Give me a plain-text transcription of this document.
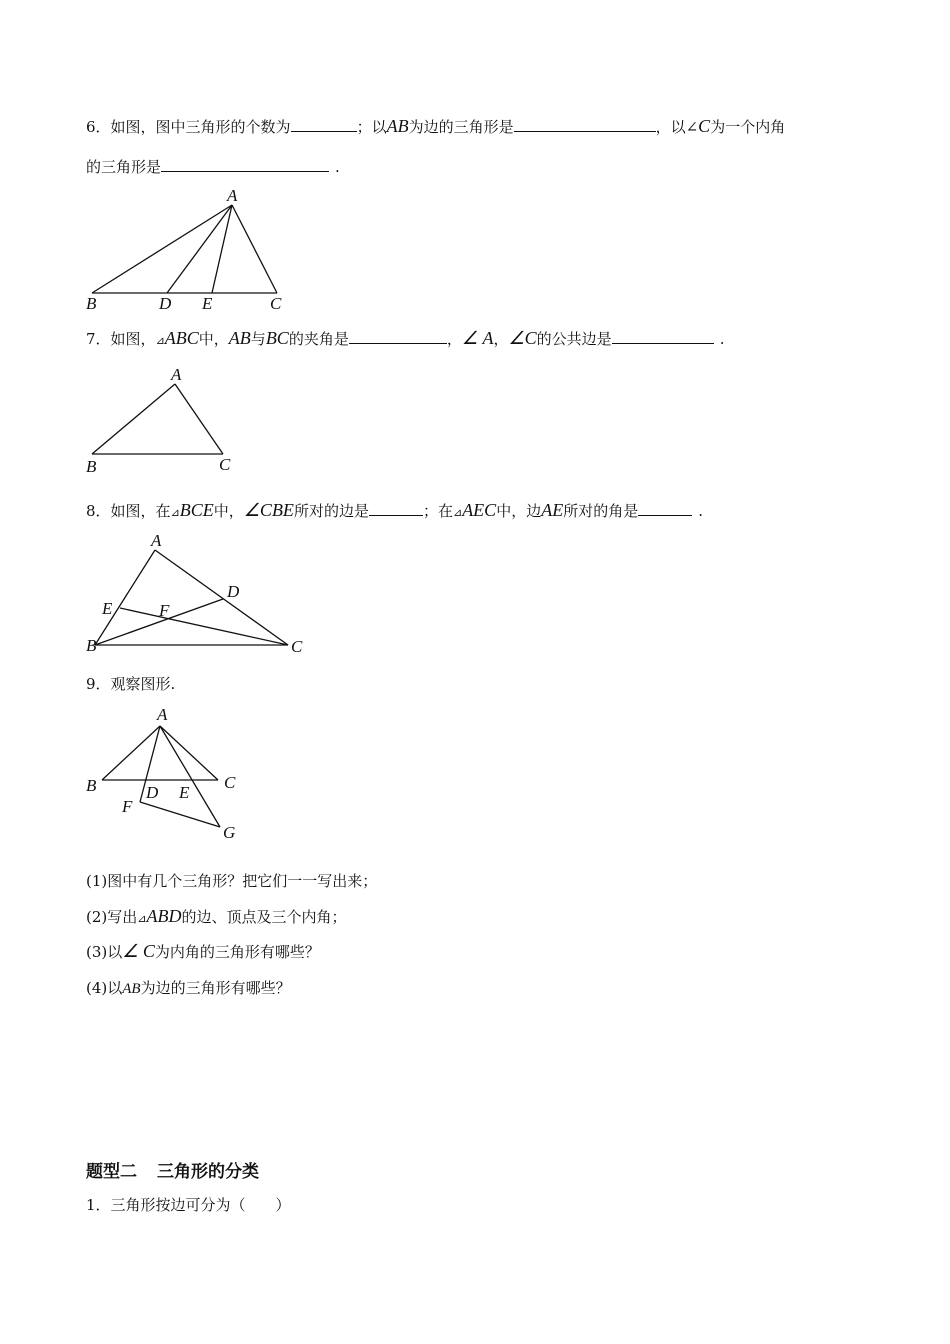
6．如图，图中三角形的个数为	；以AB为边的三角形是	，以∠C为一个内角
的三角形是	.
A
B	D E	C
7．如图，⊿ABC中，AB与BC的夹角是	，∠ A，∠C的公共边是	.
A
B	C
8．如图，在⊿BCE中，∠CBE所对的边是	；在⊿AEC中，边AE所对的角是	.
A
D
E	F
B	C
9．观察图形.
A
B	C
D E
F
G
(1)图中有几个三角形？把它们一一写出来；
(2)写出⊿ABD的边、顶点及三个内角；
(3)以∠ C为内角的三角形有哪些？
(4)以AB为边的三角形有哪些？
题型二 三角形的分类
1．三角形按边可分为（　　）
